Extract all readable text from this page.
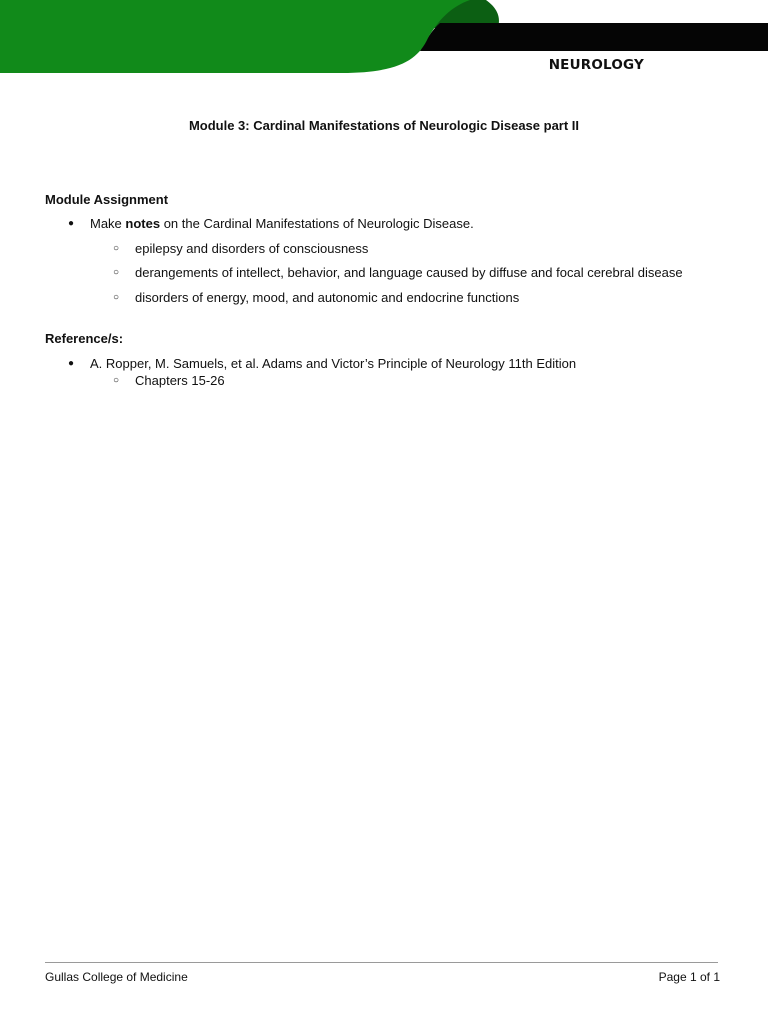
NEUROLOGY
Module 3: Cardinal Manifestations of Neurologic Disease part II
Module Assignment
● Make notes on the Cardinal Manifestations of Neurologic Disease.
○ epilepsy and disorders of consciousness
○ derangements of intellect, behavior, and language caused by diffuse and focal cerebral disease
○ disorders of energy, mood, and autonomic and endocrine functions
Reference/s:
● A. Ropper, M. Samuels, et al. Adams and Victor’s Principle of Neurology 11th Edition
○ Chapters 15-26
Gullas College of Medicine	Page 1 of 1
